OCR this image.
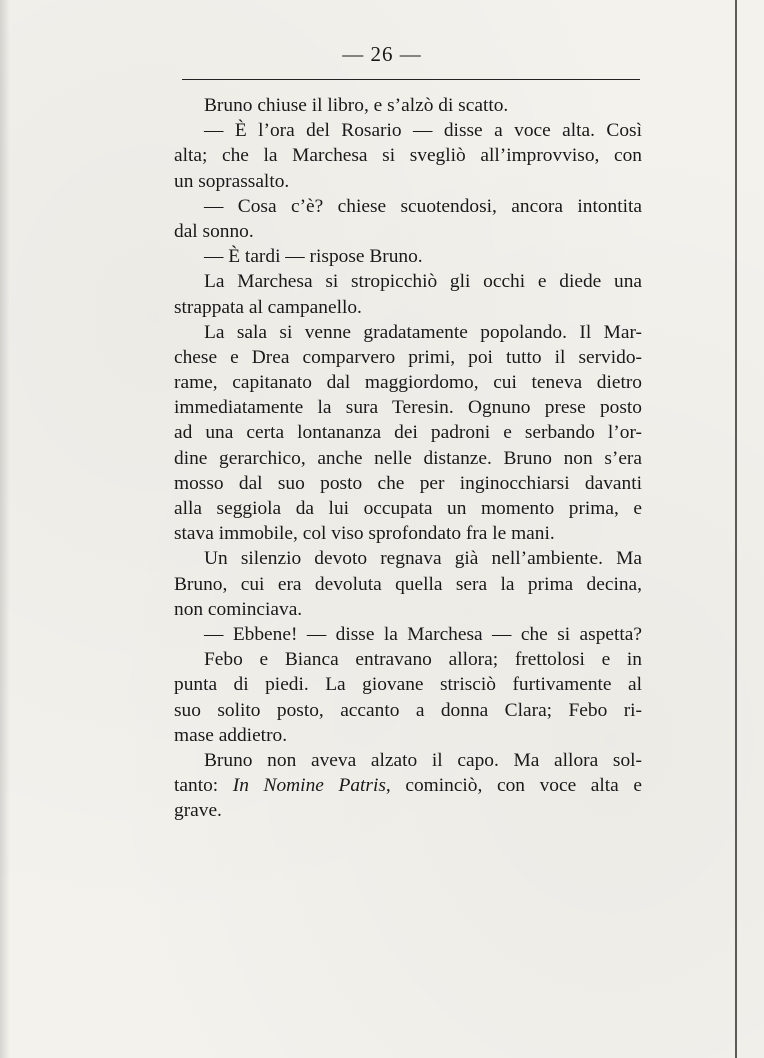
— 26 —
Bruno chiuse il libro, e s’alzò di scatto.
— È l’ora del Rosario — disse a voce alta. Così
alta; che la Marchesa si svegliò all’improvviso, con
un soprassalto.
— Cosa c’è? chiese scuotendosi, ancora intontita
dal sonno.
— È tardi — rispose Bruno.
La Marchesa si stropicchiò gli occhi e diede una
strappata al campanello.
La sala si venne gradatamente popolando. Il Mar-
chese e Drea comparvero primi, poi tutto il servido-
rame, capitanato dal maggiordomo, cui teneva dietro
immediatamente la sura Teresin. Ognuno prese posto
ad una certa lontananza dei padroni e serbando l’or-
dine gerarchico, anche nelle distanze. Bruno non s’era
mosso dal suo posto che per inginocchiarsi davanti
alla seggiola da lui occupata un momento prima, e
stava immobile, col viso sprofondato fra le mani.
Un silenzio devoto regnava già nell’ambiente. Ma
Bruno, cui era devoluta quella sera la prima decina,
non cominciava.
— Ebbene! — disse la Marchesa — che si aspetta?
Febo e Bianca entravano allora; frettolosi e in
punta di piedi. La giovane strisciò furtivamente al
suo solito posto, accanto a donna Clara; Febo ri-
mase addietro.
Bruno non aveva alzato il capo. Ma allora sol-
tanto: In Nomine Patris, cominciò, con voce alta e
grave.
